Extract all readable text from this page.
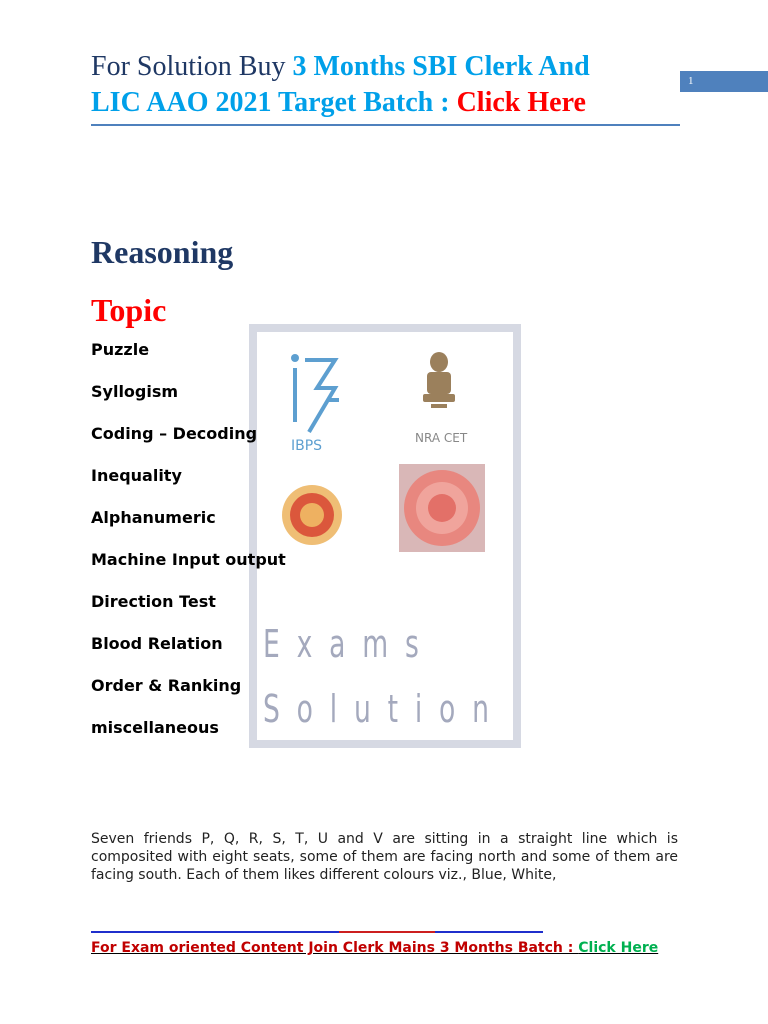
For Solution Buy 3 Months SBI Clerk And
LIC AAO 2021 Target Batch : Click Here
1
Reasoning
Topic
IBPS	NRA CET
Exams
Solution
Puzzle
Syllogism
Coding – Decoding
Inequality
Alphanumeric
Machine Input output
Direction Test
Blood Relation
Order & Ranking
miscellaneous
Seven friends P, Q, R, S, T, U and V are sitting in a straight line which is composited with eight seats, some of them are facing north and some of them are facing south. Each of them likes different colours viz., Blue, White,
For Exam oriented Content Join Clerk Mains 3 Months Batch : Click Here
